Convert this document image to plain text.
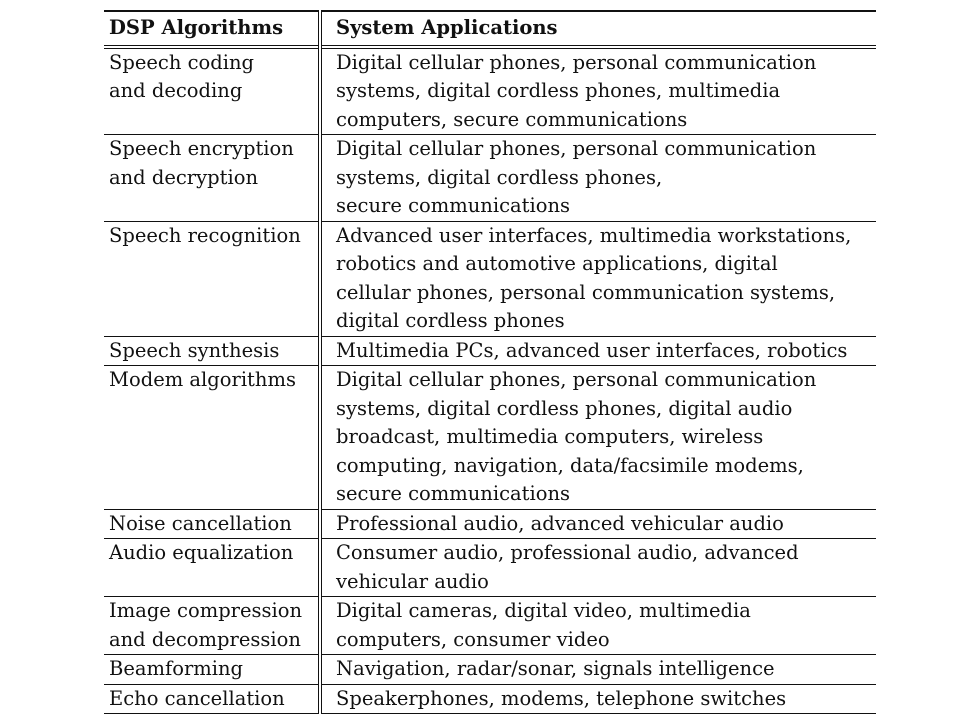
DSP Algorithms	System Applications

Speech coding
and decoding	Digital cellular phones, personal communication
systems, digital cordless phones, multimedia
computers, secure communications

Speech encryption
and decryption	Digital cellular phones, personal communication
systems, digital cordless phones,
secure communications

Speech recognition	Advanced user interfaces, multimedia workstations,
robotics and automotive applications, digital
cellular phones, personal communication systems,
digital cordless phones

Speech synthesis	Multimedia PCs, advanced user interfaces, robotics

Modem algorithms	Digital cellular phones, personal communication
systems, digital cordless phones, digital audio
broadcast, multimedia computers, wireless
computing, navigation, data/facsimile modems,
secure communications

Noise cancellation	Professional audio, advanced vehicular audio

Audio equalization	Consumer audio, professional audio, advanced
vehicular audio

Image compression
and decompression	Digital cameras, digital video, multimedia
computers, consumer video

Beamforming	Navigation, radar/sonar, signals intelligence

Echo cancellation	Speakerphones, modems, telephone switches
